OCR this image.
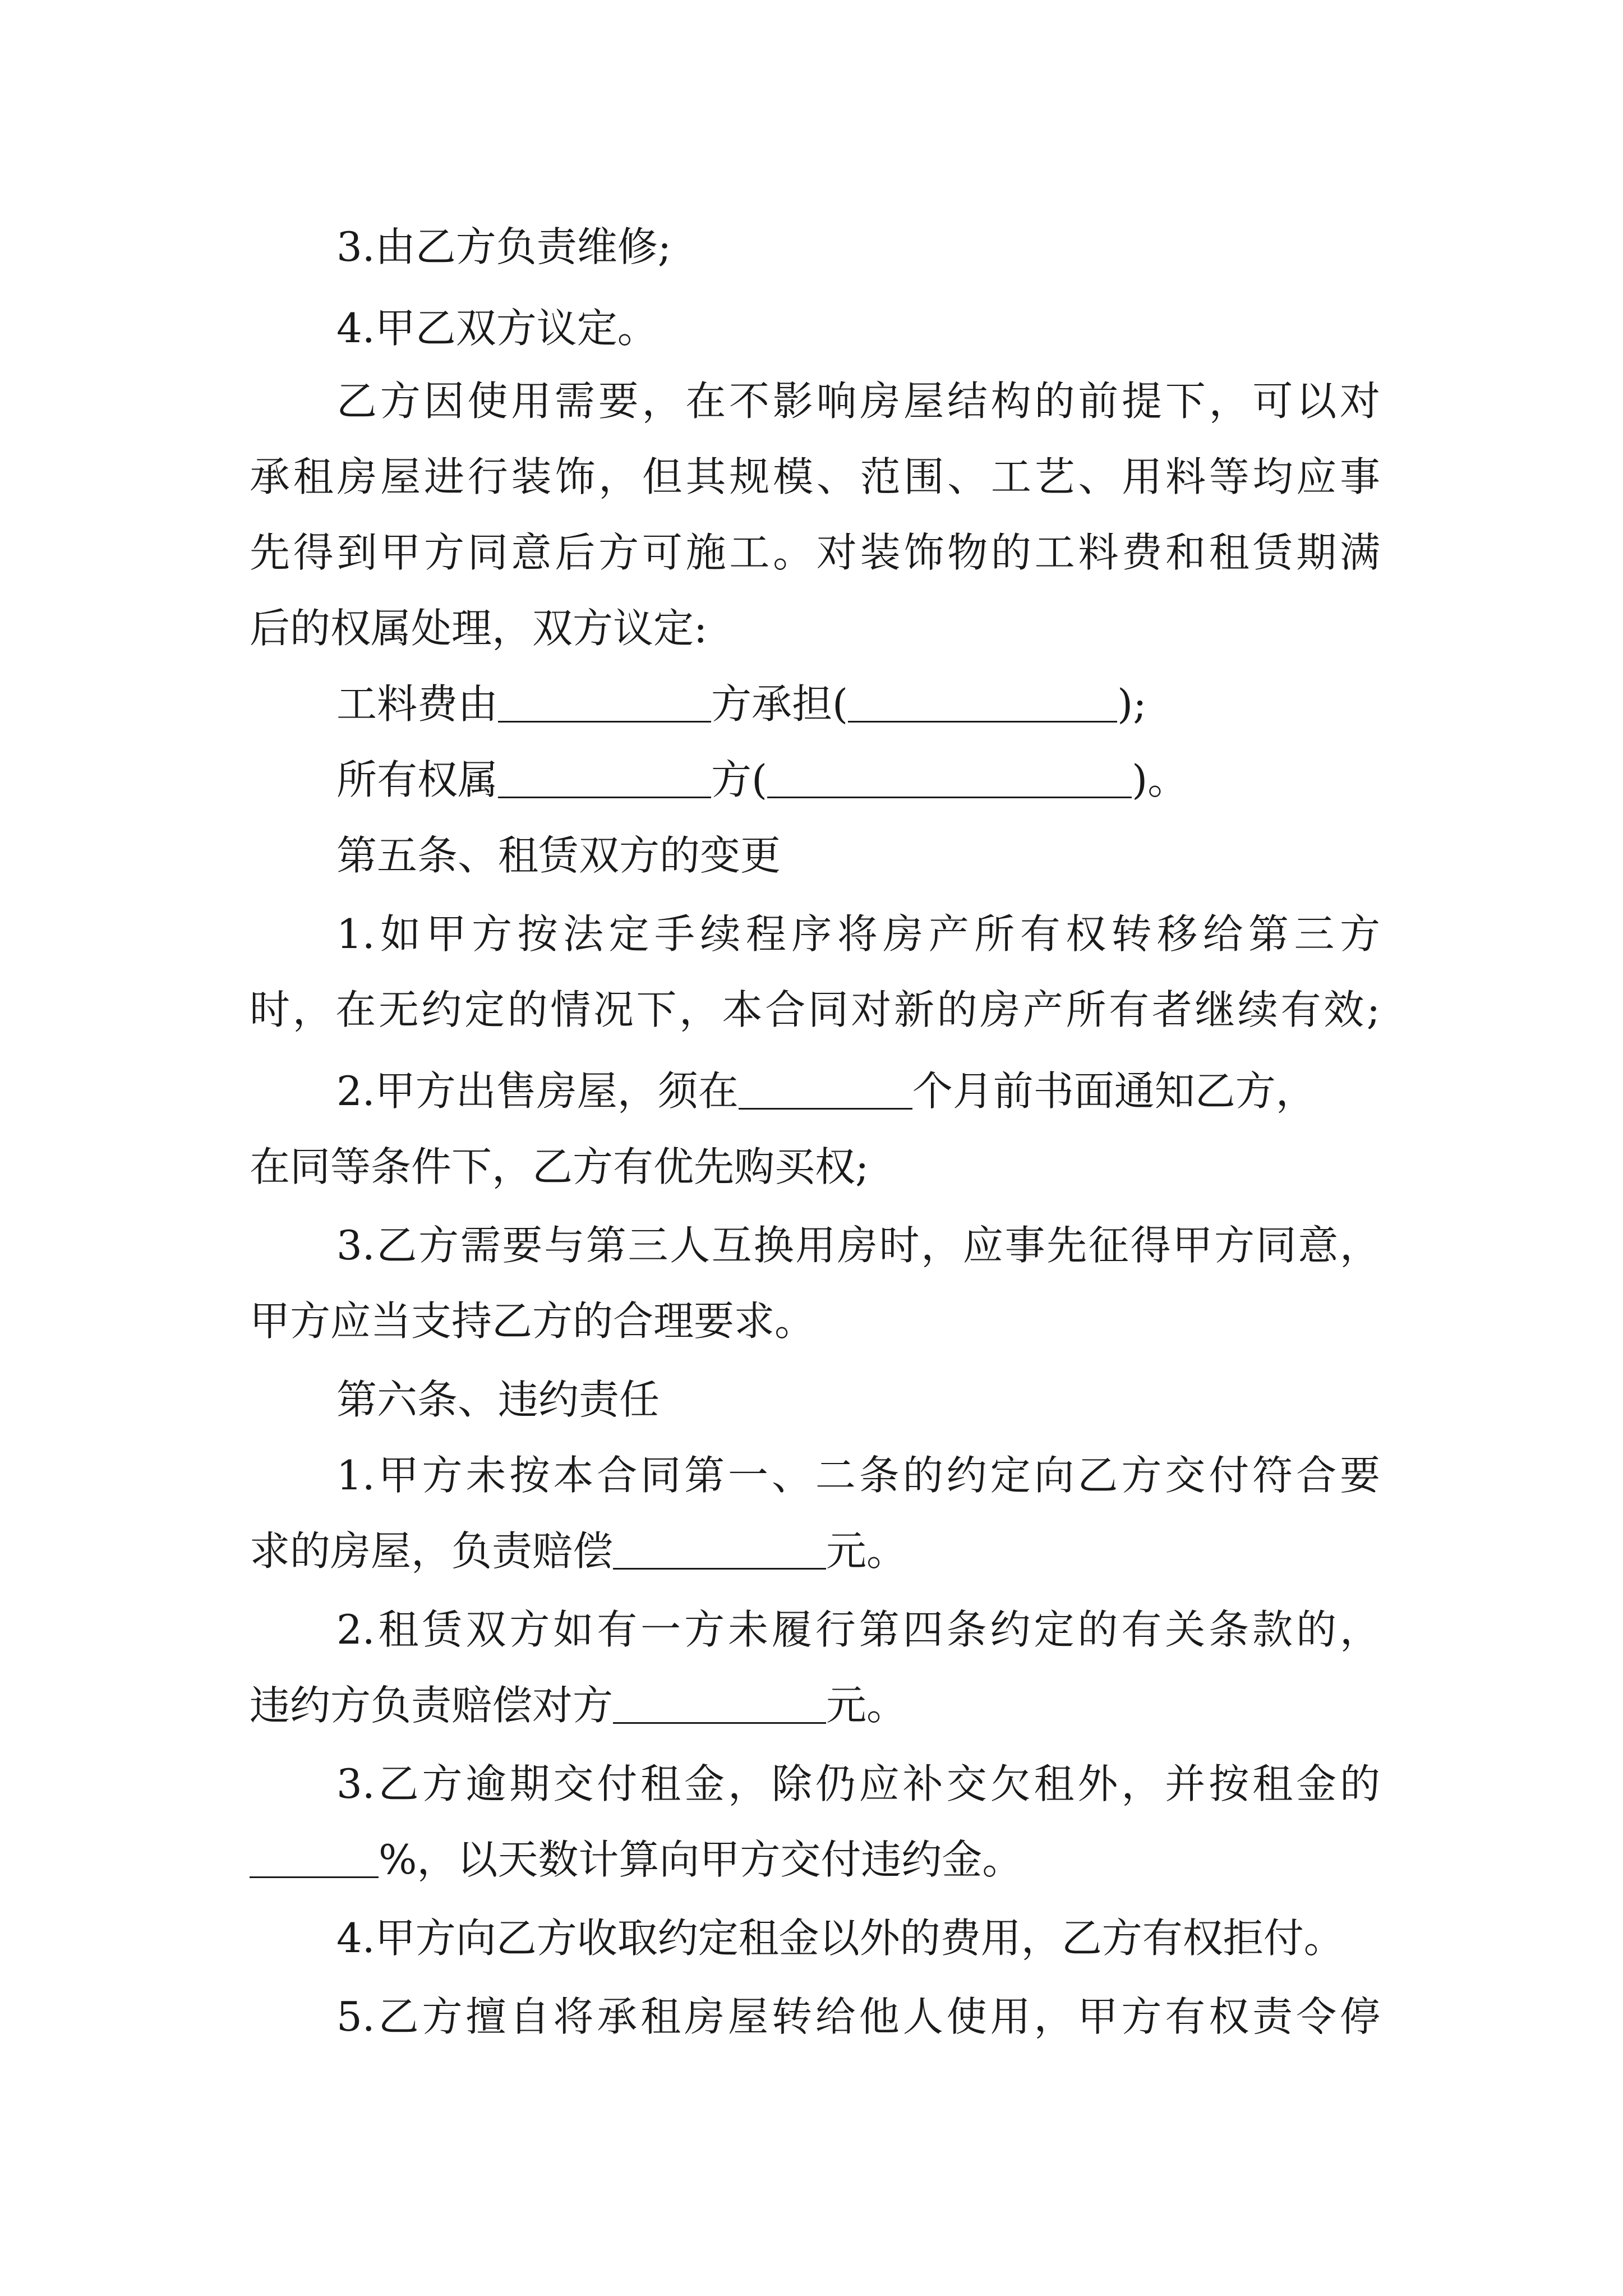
3.由乙方负责维修;
4.甲乙双方议定。
乙方因使用需要，在不影响房屋结构的前提下，可以对
承租房屋进行装饰，但其规模、范围、工艺、用料等均应事
先得到甲方同意后方可施工。对装饰物的工料费和租赁期满
后的权属处理，双方议定:
工料费由	方承担(	);
所有权属	方(	)。
第五条、租赁双方的变更
1.如甲方按法定手续程序将房产所有权转移给第三方
时，在无约定的情况下，本合同对新的房产所有者继续有效;
2.甲方出售房屋，须在	个月前书面通知乙方，
在同等条件下，乙方有优先购买权;
3.乙方需要与第三人互换用房时，应事先征得甲方同意，
甲方应当支持乙方的合理要求。
第六条、违约责任
1.甲方未按本合同第一、二条的约定向乙方交付符合要
求的房屋，负责赔偿	元。
2.租赁双方如有一方未履行第四条约定的有关条款的，
违约方负责赔偿对方	元。
3.乙方逾期交付租金，除仍应补交欠租外，并按租金的
%，以天数计算向甲方交付违约金。
4.甲方向乙方收取约定租金以外的费用，乙方有权拒付。
5.乙方擅自将承租房屋转给他人使用，甲方有权责令停
